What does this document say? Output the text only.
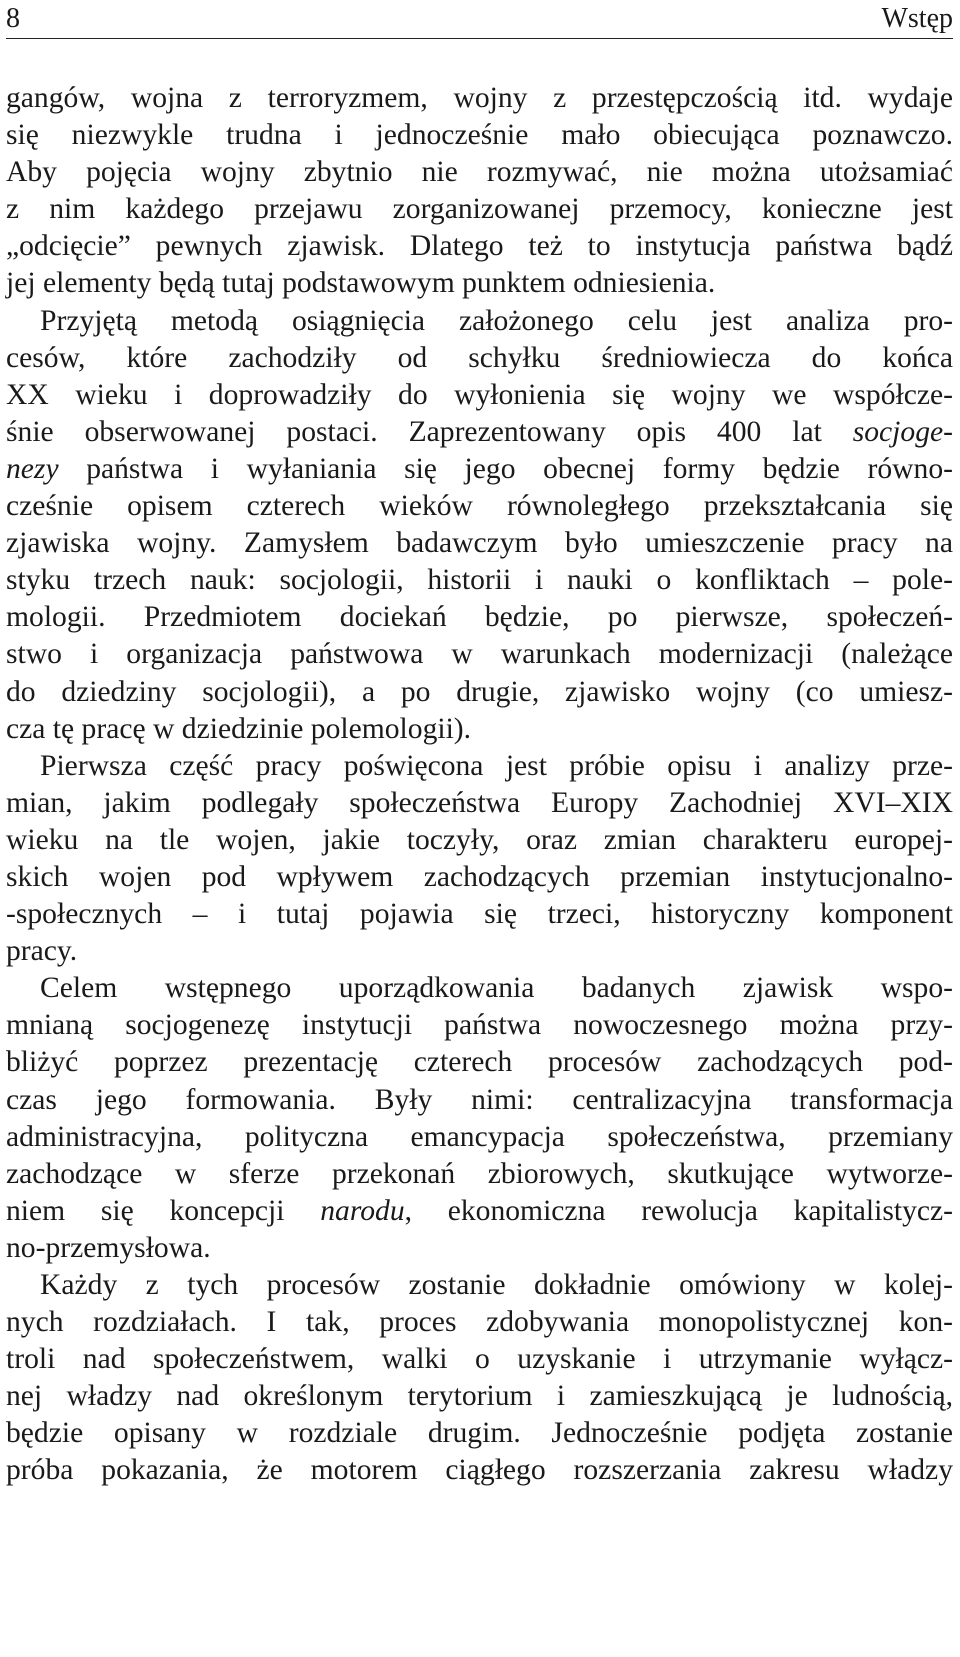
8	Wstęp
gangów, wojna z terroryzmem, wojny z przestępczością itd. wydaje
się niezwykle trudna i jednocześnie mało obiecująca poznawczo.
Aby pojęcia wojny zbytnio nie rozmywać, nie można utożsamiać
z nim każdego przejawu zorganizowanej przemocy, konieczne jest
„odcięcie” pewnych zjawisk. Dlatego też to instytucja państwa bądź
jej elementy będą tutaj podstawowym punktem odniesienia.
Przyjętą metodą osiągnięcia założonego celu jest analiza pro-
cesów, które zachodziły od schyłku średniowiecza do końca
XX wieku i doprowadziły do wyłonienia się wojny we współcze-
śnie obserwowanej postaci. Zaprezentowany opis 400 lat socjoge-
nezy państwa i wyłaniania się jego obecnej formy będzie równo-
cześnie opisem czterech wieków równoległego przekształcania się
zjawiska wojny. Zamysłem badawczym było umieszczenie pracy na
styku trzech nauk: socjologii, historii i nauki o konfliktach – pole-
mologii. Przedmiotem dociekań będzie, po pierwsze, społeczeń-
stwo i organizacja państwowa w warunkach modernizacji (należące
do dziedziny socjologii), a po drugie, zjawisko wojny (co umiesz-
cza tę pracę w dziedzinie polemologii).
Pierwsza część pracy poświęcona jest próbie opisu i analizy prze-
mian, jakim podlegały społeczeństwa Europy Zachodniej XVI–XIX
wieku na tle wojen, jakie toczyły, oraz zmian charakteru europej-
skich wojen pod wpływem zachodzących przemian instytucjonalno-
-społecznych – i tutaj pojawia się trzeci, historyczny komponent
pracy.
Celem wstępnego uporządkowania badanych zjawisk wspo-
mnianą socjogenezę instytucji państwa nowoczesnego można przy-
bliżyć poprzez prezentację czterech procesów zachodzących pod-
czas jego formowania. Były nimi: centralizacyjna transformacja
administracyjna, polityczna emancypacja społeczeństwa, przemiany
zachodzące w sferze przekonań zbiorowych, skutkujące wytworze-
niem się koncepcji narodu, ekonomiczna rewolucja kapitalistycz-
no-przemysłowa.
Każdy z tych procesów zostanie dokładnie omówiony w kolej-
nych rozdziałach. I tak, proces zdobywania monopolistycznej kon-
troli nad społeczeństwem, walki o uzyskanie i utrzymanie wyłącz-
nej władzy nad określonym terytorium i zamieszkującą je ludnością,
będzie opisany w rozdziale drugim. Jednocześnie podjęta zostanie
próba pokazania, że motorem ciągłego rozszerzania zakresu władzy
